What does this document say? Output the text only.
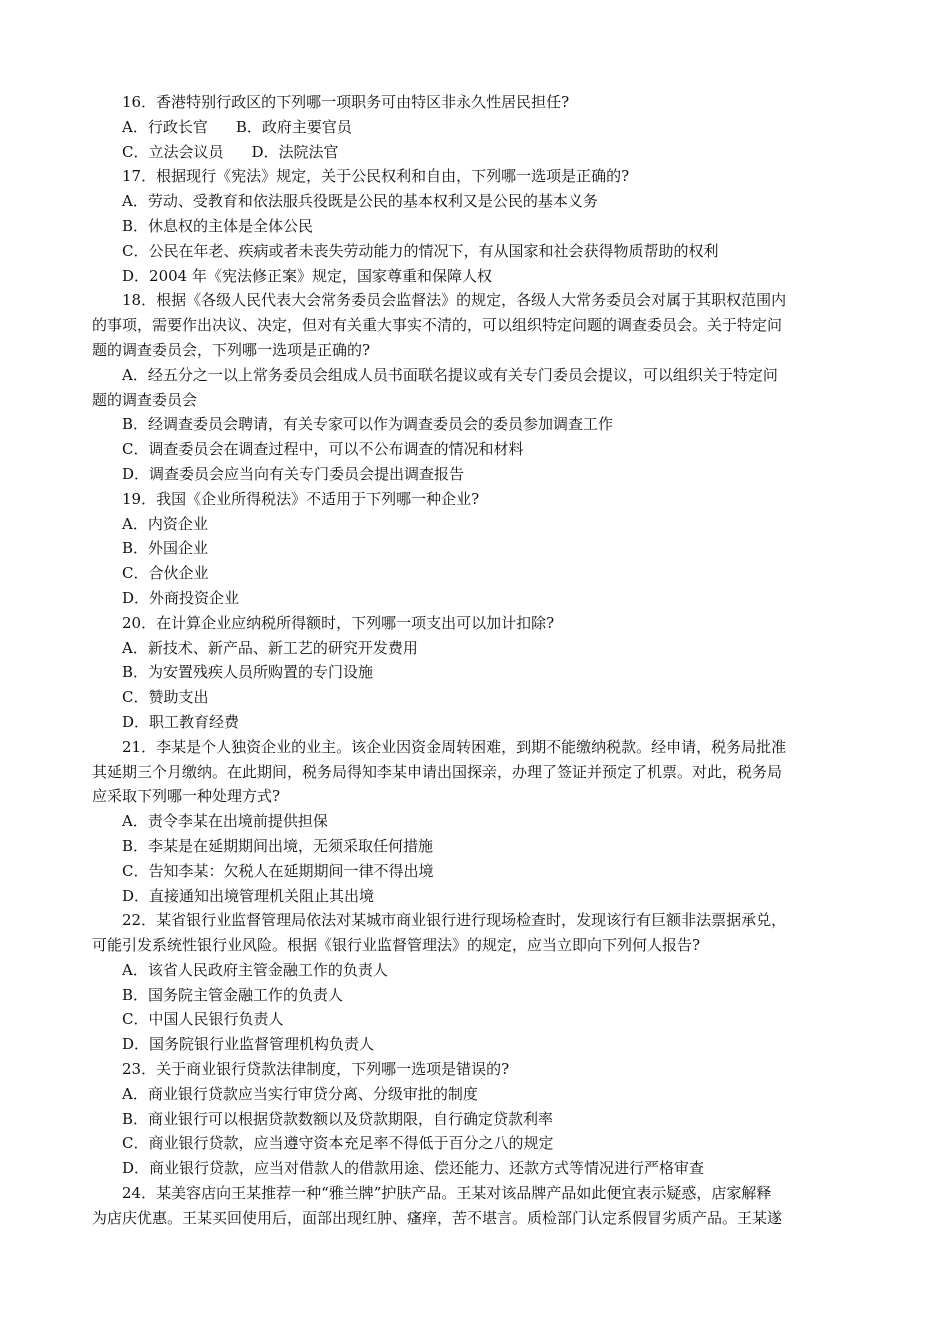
16．香港特别行政区的下列哪一项职务可由特区非永久性居民担任?

A．行政长官 B．政府主要官员

C．立法会议员 D．法院法官

17．根据现行《宪法》规定，关于公民权利和自由，下列哪一选项是正确的?

A．劳动、受教育和依法服兵役既是公民的基本权利又是公民的基本义务

B．休息权的主体是全体公民

C．公民在年老、疾病或者未丧失劳动能力的情况下，有从国家和社会获得物质帮助的权利

D．2004 年《宪法修正案》规定，国家尊重和保障人权

18．根据《各级人民代表大会常务委员会监督法》的规定，各级人大常务委员会对属于其职权范围内

的事项，需要作出决议、决定，但对有关重大事实不清的，可以组织特定问题的调查委员会。关于特定问

题的调查委员会，下列哪一选项是正确的?

A．经五分之一以上常务委员会组成人员书面联名提议或有关专门委员会提议，可以组织关于特定问

题的调查委员会

B．经调查委员会聘请，有关专家可以作为调查委员会的委员参加调查工作

C．调查委员会在调查过程中，可以不公布调查的情况和材料

D．调查委员会应当向有关专门委员会提出调查报告

19．我国《企业所得税法》不适用于下列哪一种企业?

A．内资企业

B．外国企业

C．合伙企业

D．外商投资企业

20．在计算企业应纳税所得额时，下列哪一项支出可以加计扣除?

A．新技术、新产品、新工艺的研究开发费用

B．为安置残疾人员所购置的专门设施

C．赞助支出

D．职工教育经费

21．李某是个人独资企业的业主。该企业因资金周转困难，到期不能缴纳税款。经申请，税务局批准

其延期三个月缴纳。在此期间，税务局得知李某申请出国探亲，办理了签证并预定了机票。对此，税务局

应采取下列哪一种处理方式?

A．责令李某在出境前提供担保

B．李某是在延期期间出境，无须采取任何措施

C．告知李某：欠税人在延期期间一律不得出境

D．直接通知出境管理机关阻止其出境

22．某省银行业监督管理局依法对某城市商业银行进行现场检查时，发现该行有巨额非法票据承兑，

可能引发系统性银行业风险。根据《银行业监督管理法》的规定，应当立即向下列何人报告?

A．该省人民政府主管金融工作的负责人

B．国务院主管金融工作的负责人

C．中国人民银行负责人

D．国务院银行业监督管理机构负责人

23．关于商业银行贷款法律制度，下列哪一选项是错误的?

A．商业银行贷款应当实行审贷分离、分级审批的制度

B．商业银行可以根据贷款数额以及贷款期限，自行确定贷款利率

C．商业银行贷款，应当遵守资本充足率不得低于百分之八的规定

D．商业银行贷款，应当对借款人的借款用途、偿还能力、还款方式等情况进行严格审查

24．某美容店向王某推荐一种“雅兰牌”护肤产品。王某对该品牌产品如此便宜表示疑惑，店家解释

为店庆优惠。王某买回使用后，面部出现红肿、瘙痒，苦不堪言。质检部门认定系假冒劣质产品。王某遂
